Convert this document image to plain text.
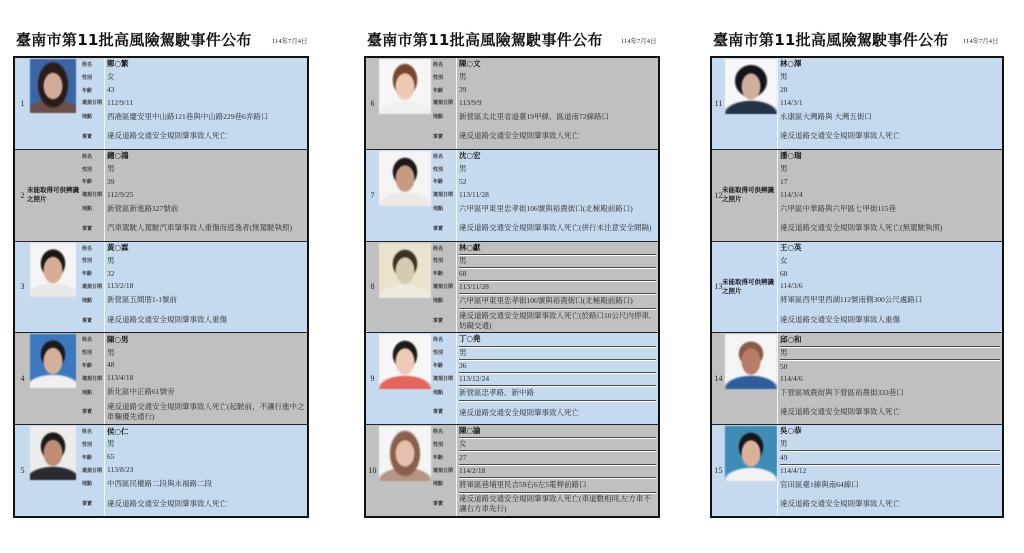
臺南市第11批高風險駕駛事件公布	114年7月4日
1
姓名
性別
年齡
違規日期
地點
事實
鄭○繁
女
43
112/9/11
西港區慶安里中山路121巷與中山路229巷6弄路口
違反道路交通安全規則肇事致人死亡
2
未能取得可供辨識之照片
姓名
性別
年齡
違規日期
地點
事實
鐘○鴻
男
39
112/9/25
新營區新進路327號前
汽車駕駛人駕駛汽車肇事致人重傷而逃逸者(無駕駛執照)
3
姓名
性別
年齡
違規日期
地點
事實
黃○霖
男
32
113/2/18
新營區五間厝1-1號前
違反道路交通安全規則肇事致人重傷
4
姓名
性別
年齡
違規日期
地點
事實
陳○男
男
48
113/4/18
新化區中正路61號旁
違反道路交通安全規則肇事致人死亡(起駛前，不讓行進中之車輛優先通行)
5
姓名
性別
年齡
違規日期
地點
事實
侯○仁
男
65
113/8/23
中西區民權路二段與永福路二段
違反道路交通安全規則肇事致人死亡
臺南市第11批高風險駕駛事件公布	114年7月4日
6
姓名
性別
年齡
違規日期
地點
事實
陳○文
男
39
113/9/9
新營區太北里省道臺19甲線、區道南72線路口
違反道路交通安全規則肇事致人死亡
7
姓名
性別
年齡
違規日期
地點
事實
沈○宏
男
52
113/11/28
六甲區甲東里忠孝街106號與裕農街口(北極殿前路口)
違反道路交通安全規則肇事致人死亡(併行未注意安全間隔)
8
姓名
性別
年齡
違規日期
地點
事實
林○獻
男
68
113/11/28
六甲區甲東里忠孝街106號與裕農街口(北極殿前路口)
違反道路交通安全規則肇事致人死亡(於路口10公尺內停車,妨礙交通)
9
姓名
性別
年齡
違規日期
地點
事實
丁○堯
男
36
113/12/24
新營區忠孝路、新中路
違反道路交通安全規則肇事致人死亡
10
姓名
性別
年齡
違規日期
地點
事實
陳○諭
女
27
114/2/18
將軍區巷埔里民吉59右6左5電桿前路口
違反道路交通安全規則肇事致人死亡(車道數相同,左方車不讓右方車先行)
臺南市第11批高風險駕駛事件公布 114年7月4日
11
林○澤
男
28
114/3/1
永康區大灣路與 大灣五街口
違反道路交通安全規則肇事致人死亡
12
未能取得可供辨識之照片
潘○瑞
男
17
114/3/4
六甲區中華路與六甲區七甲街115巷
違反道路交通安全規則肇事致人死亡(無駕駛執照)
13
未能取得可供辨識之照片
王○英
女
68
114/3/6
將軍區西甲里西湖112號南側300公尺處路口
違反道路交通安全規則肇事致人重傷
14
邱○和
男
50
114/4/6
下營區城農街與下營區裕農街333巷口
違反道路交通安全規則肇事致人死亡
15
吳○恭
男
49
114/4/12
官田區臺1線與南64線口
違反道路交通安全規則肇事致人死亡
